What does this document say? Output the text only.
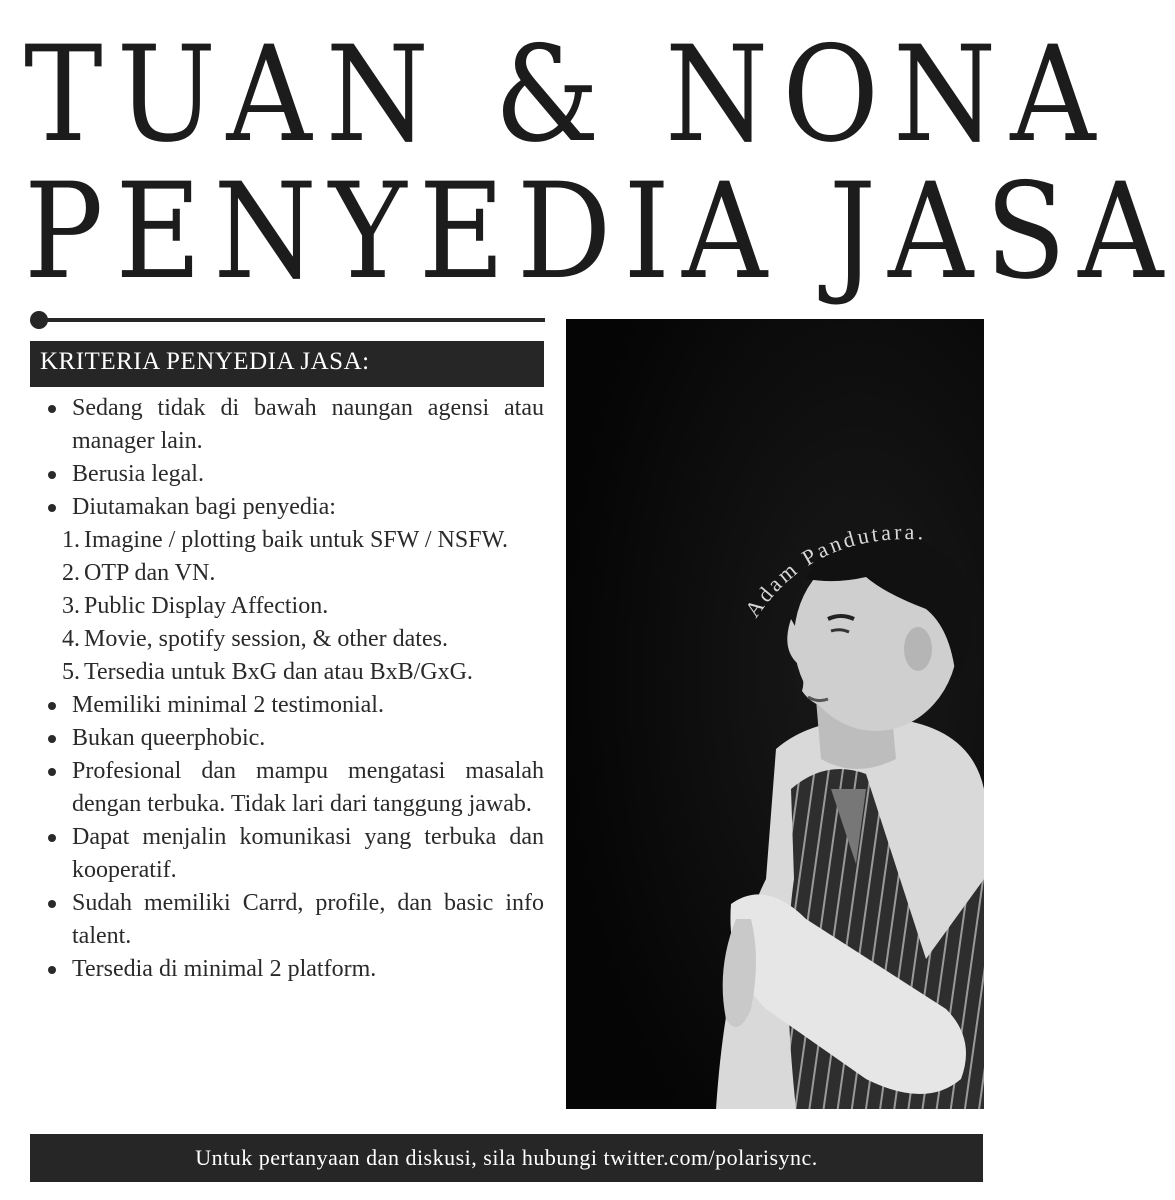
TUAN & NONA
PENYEDIA JASA
KRITERIA PENYEDIA JASA:
Sedang tidak di bawah naungan agensi atau manager lain.
Berusia legal.
Diutamakan bagi penyedia:
1. Imagine / plotting baik untuk SFW / NSFW.
2. OTP dan VN.
3. Public Display Affection.
4. Movie, spotify session, & other dates.
5. Tersedia untuk BxG dan atau BxB/GxG.
Memiliki minimal 2 testimonial.
Bukan queerphobic.
Profesional dan mampu mengatasi masalah dengan terbuka. Tidak lari dari tanggung jawab.
Dapat menjalin komunikasi yang terbuka dan kooperatif.
Sudah memiliki Carrd, profile, dan basic info talent.
Tersedia di minimal 2 platform.
Adam Pandutara.
Untuk pertanyaan dan diskusi, sila hubungi twitter.com/polarisync.
